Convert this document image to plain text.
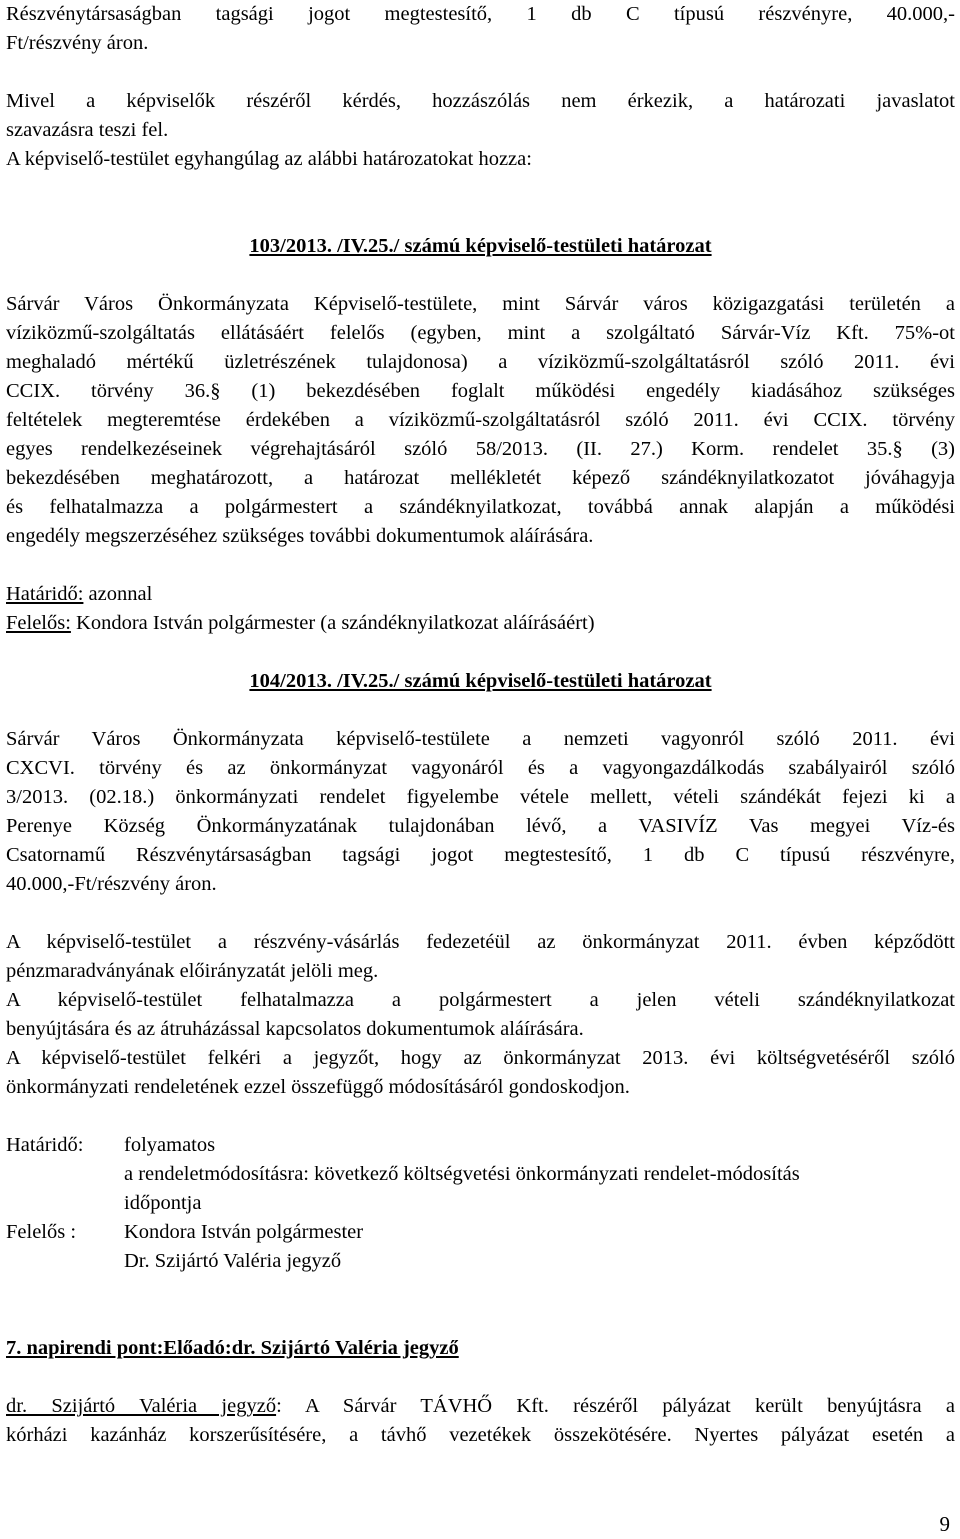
Részvénytársaságban tagsági jogot megtestesítő, 1 db C típusú részvényre, 40.000,-

Ft/részvény áron.

Mivel a képviselők részéről kérdés, hozzászólás nem érkezik, a határozati javaslatot

szavazásra teszi fel.

A képviselő-testület egyhangúlag az alábbi határozatokat hozza:

103/2013. /IV.25./ számú képviselő-testületi határozat

Sárvár Város Önkormányzata Képviselő-testülete, mint Sárvár város közigazgatási területén a

víziközmű-szolgáltatás ellátásáért felelős (egyben, mint a szolgáltató Sárvár-Víz Kft. 75%-ot

meghaladó mértékű üzletrészének tulajdonosa) a víziközmű-szolgáltatásról szóló 2011. évi

CCIX. törvény 36.§ (1) bekezdésében foglalt működési engedély kiadásához szükséges

feltételek megteremtése érdekében a víziközmű-szolgáltatásról szóló 2011. évi CCIX. törvény

egyes rendelkezéseinek végrehajtásáról szóló 58/2013. (II. 27.) Korm. rendelet 35.§ (3)

bekezdésében meghatározott, a határozat mellékletét képező szándéknyilatkozatot jóváhagyja

és felhatalmazza a polgármestert a szándéknyilatkozat, továbbá annak alapján a működési

engedély megszerzéséhez szükséges további dokumentumok aláírására.

Határidő: azonnal

Felelős: Kondora István polgármester (a szándéknyilatkozat aláírásáért)

104/2013. /IV.25./ számú képviselő-testületi határozat

Sárvár Város Önkormányzata képviselő-testülete a nemzeti vagyonról szóló 2011. évi

CXCVI. törvény és az önkormányzat vagyonáról és a vagyongazdálkodás szabályairól szóló

3/2013. (02.18.) önkormányzati rendelet figyelembe vétele mellett, vételi szándékát fejezi ki a

Perenye Község Önkormányzatának tulajdonában lévő, a VASIVÍZ Vas megyei Víz-és

Csatornamű Részvénytársaságban tagsági jogot megtestesítő, 1 db C típusú részvényre,

40.000,-Ft/részvény áron.

A képviselő-testület a részvény-vásárlás fedezetéül az önkormányzat 2011. évben képződött

pénzmaradványának előirányzatát jelöli meg.

A képviselő-testület felhatalmazza a polgármestert a jelen vételi szándéknyilatkozat

benyújtására és az átruházással kapcsolatos dokumentumok aláírására.

A képviselő-testület felkéri a jegyzőt, hogy az önkormányzat 2013. évi költségvetéséről szóló

önkormányzati rendeletének ezzel összefüggő módosításáról gondoskodjon.

Határidő:	folyamatos
a rendeletmódosításra: következő költségvetési önkormányzati rendelet-módosítás
időpontja
Felelős :	Kondora István polgármester
Dr. Szijártó Valéria jegyző

7. napirendi pont:Előadó:dr. Szijártó Valéria jegyző

dr. Szijártó Valéria jegyző: A Sárvár TÁVHŐ Kft. részéről pályázat került benyújtásra a

kórházi kazánház korszerűsítésére, a távhő vezetékek összekötésére. Nyertes pályázat esetén a

9
